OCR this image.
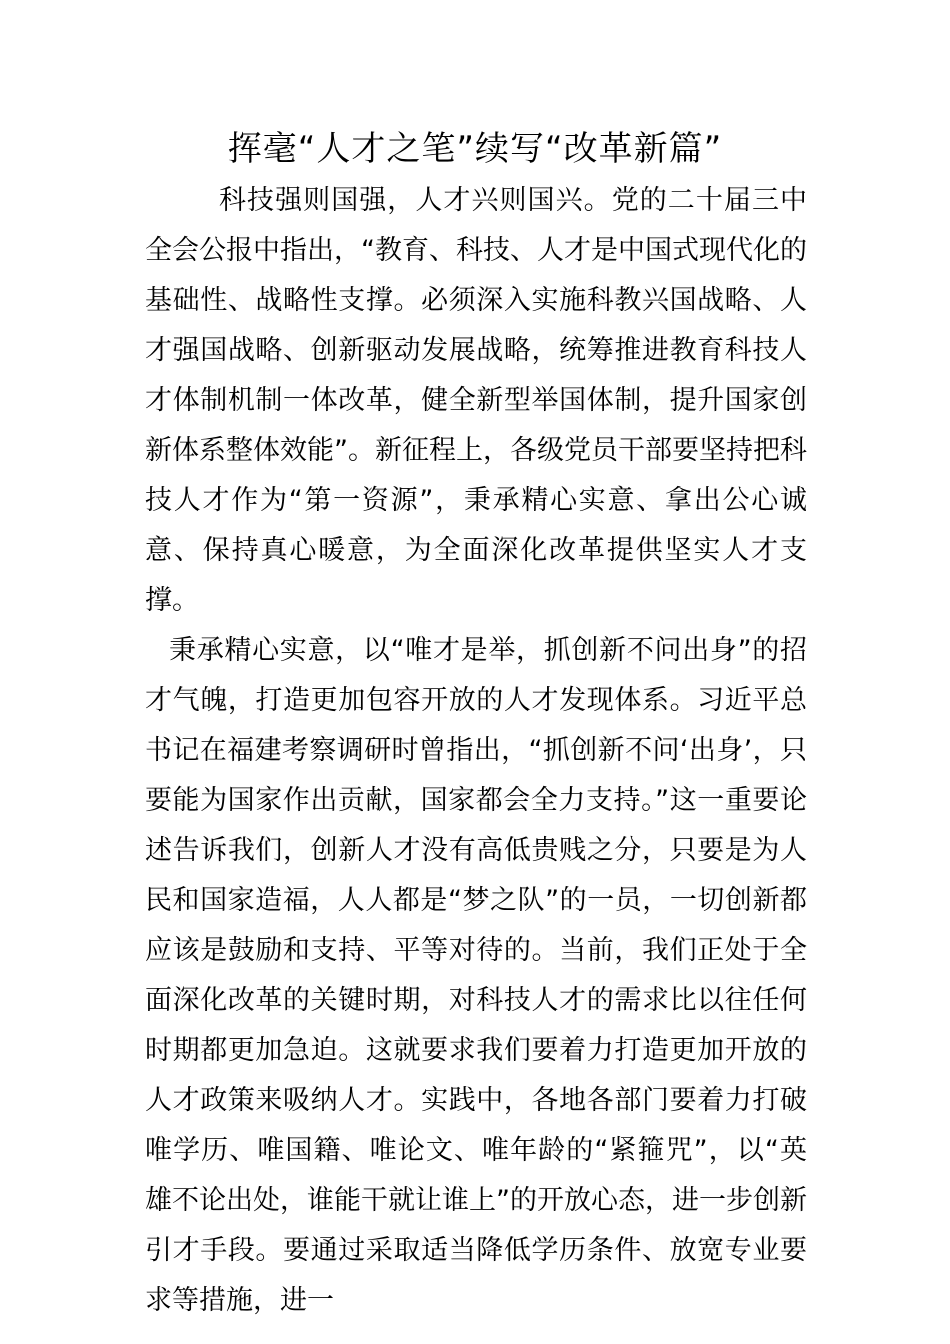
挥毫“人才之笔”续写“改革新篇”

科技强则国强，人才兴则国兴。党的二十届三中全会公报中指出，“教育、科技、人才是中国式现代化的基础性、战略性支撑。必须深入实施科教兴国战略、人才强国战略、创新驱动发展战略，统筹推进教育科技人才体制机制一体改革，健全新型举国体制，提升国家创新体系整体效能”。新征程上，各级党员干部要坚持把科技人才作为“第一资源”，秉承精心实意、拿出公心诚意、保持真心暖意，为全面深化改革提供坚实人才支撑。

秉承精心实意，以“唯才是举，抓创新不问出身”的招才气魄，打造更加包容开放的人才发现体系。习近平总书记在福建考察调研时曾指出，“抓创新不问‘出身’，只要能为国家作出贡献，国家都会全力支持。”这一重要论述告诉我们，创新人才没有高低贵贱之分，只要是为人民和国家造福，人人都是“梦之队”的一员，一切创新都应该是鼓励和支持、平等对待的。当前，我们正处于全面深化改革的关键时期，对科技人才的需求比以往任何时期都更加急迫。这就要求我们要着力打造更加开放的人才政策来吸纳人才。实践中，各地各部门要着力打破唯学历、唯国籍、唯论文、唯年龄的“紧箍咒”，以“英雄不论出处，谁能干就让谁上”的开放心态，进一步创新引才手段。要通过采取适当降低学历条件、放宽专业要求等措施，进一
